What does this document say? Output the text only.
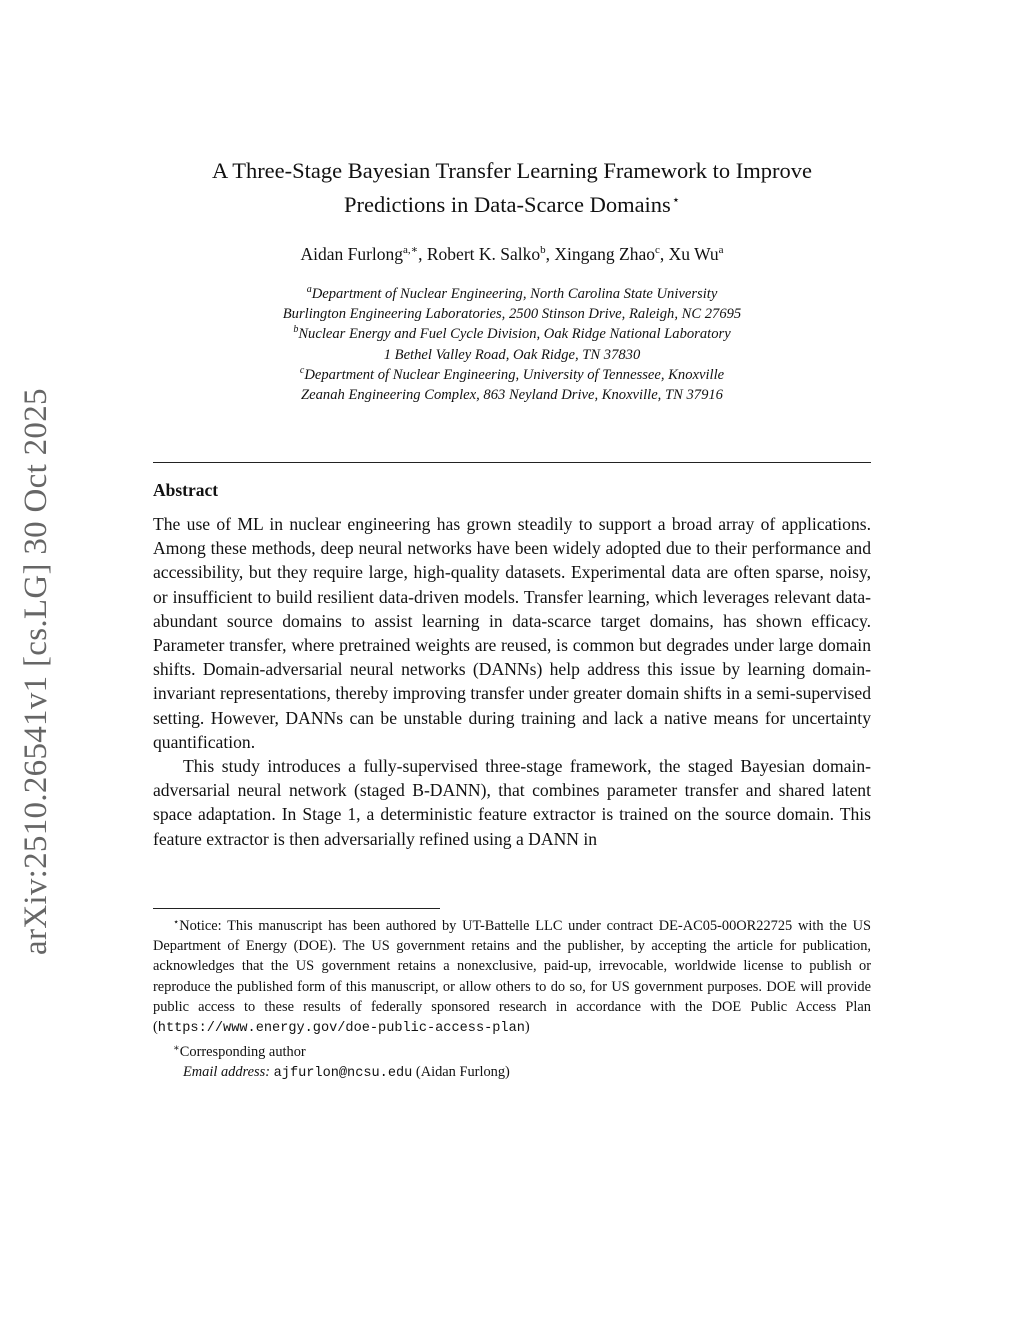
arXiv:2510.26541v1 [cs.LG] 30 Oct 2025
A Three-Stage Bayesian Transfer Learning Framework to Improve
Predictions in Data-Scarce Domains⋆
Aidan Furlong$^{a,∗}$, Robert K. Salko$^b$, Xingang Zhao$^c$, Xu Wu$^a$
$^a$Department of Nuclear Engineering, North Carolina State University
Burlington Engineering Laboratories, 2500 Stinson Drive, Raleigh, NC 27695
$^b$Nuclear Energy and Fuel Cycle Division, Oak Ridge National Laboratory
1 Bethel Valley Road, Oak Ridge, TN 37830
$^c$Department of Nuclear Engineering, University of Tennessee, Knoxville
Zeanah Engineering Complex, 863 Neyland Drive, Knoxville, TN 37916
Abstract

The use of ML in nuclear engineering has grown steadily to support a broad array of applications. Among these methods, deep neural networks have been widely adopted due to their performance and accessibility, but they require large, high-quality datasets. Experimental data are often sparse, noisy, or insufficient to build resilient data-driven models. Transfer learning, which leverages relevant data-abundant source domains to assist learning in data-scarce target domains, has shown efficacy. Parameter transfer, where pretrained weights are reused, is common but degrades under large domain shifts. Domain-adversarial neural networks (DANNs) help address this issue by learning domain-invariant representations, thereby improving transfer under greater domain shifts in a semi-supervised setting. However, DANNs can be unstable during training and lack a native means for uncertainty quantification.

This study introduces a fully-supervised three-stage framework, the staged Bayesian domain-adversarial neural network (staged B-DANN), that combines parameter transfer and shared latent space adaptation. In Stage 1, a deterministic feature extractor is trained on the source domain. This feature extractor is then adversarially refined using a DANN in

⋆Notice: This manuscript has been authored by UT-Battelle LLC under contract DE-AC05-00OR22725 with the US Department of Energy (DOE). The US government retains and the publisher, by accepting the article for publication, acknowledges that the US government retains a nonexclusive, paid-up, irrevocable, worldwide license to publish or reproduce the published form of this manuscript, or allow others to do so, for US government purposes. DOE will provide public access to these results of federally sponsored research in accordance with the DOE Public Access Plan (https://www.energy.gov/doe-public-access-plan)

∗Corresponding author

Email address: ajfurlon@ncsu.edu (Aidan Furlong)
